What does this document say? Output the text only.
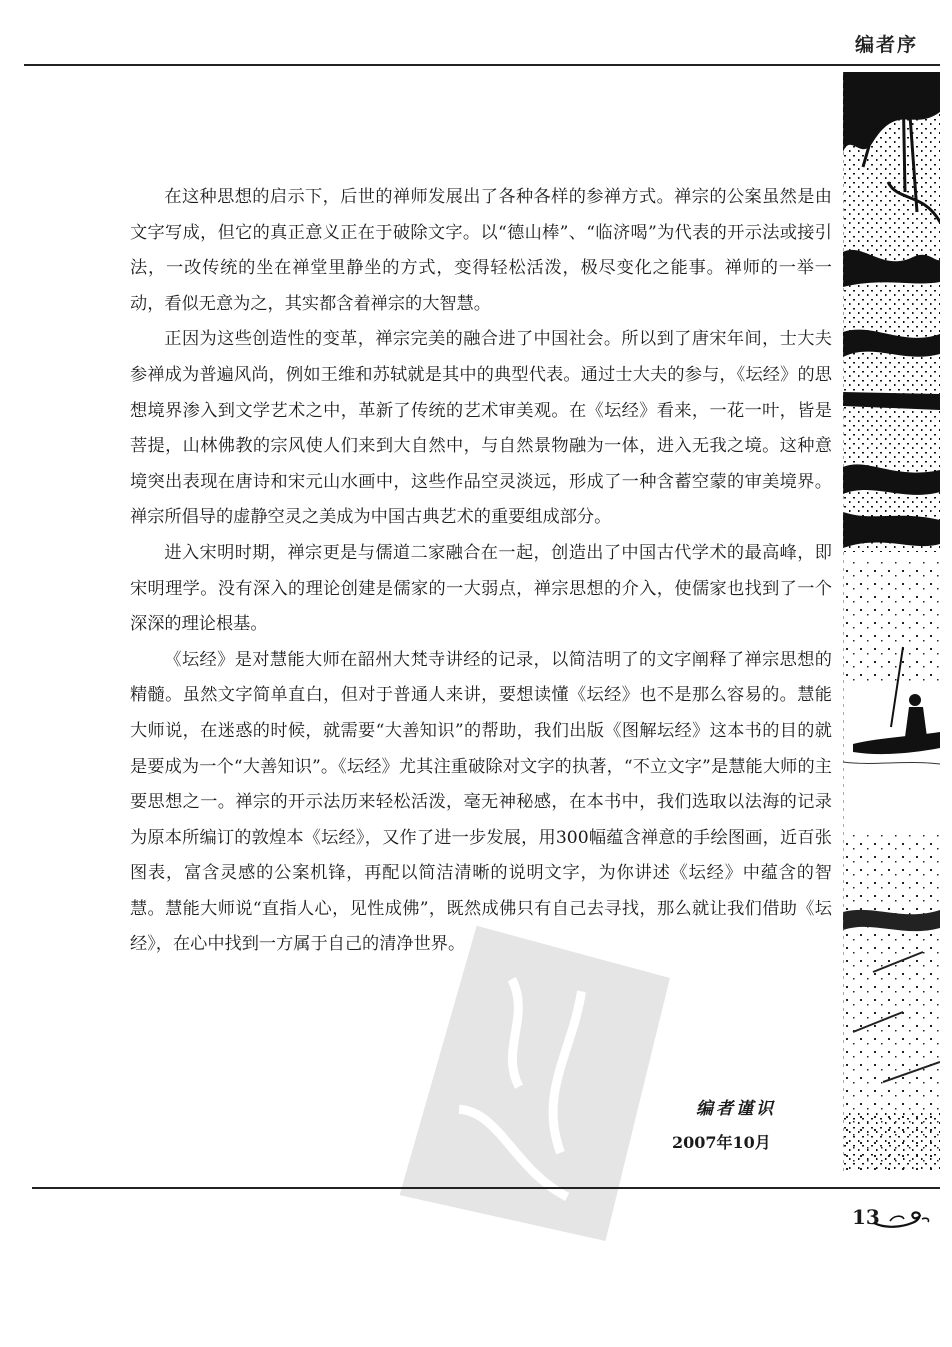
编者序

在这种思想的启示下，后世的禅师发展出了各种各样的参禅方式。禅宗的公案虽然是由文字写成，但它的真正意义正在于破除文字。以“德山棒”、“临济喝”为代表的开示法或接引法，一改传统的坐在禅堂里静坐的方式，变得轻松活泼，极尽变化之能事。禅师的一举一动，看似无意为之，其实都含着禅宗的大智慧。

正因为这些创造性的变革，禅宗完美的融合进了中国社会。所以到了唐宋年间，士大夫参禅成为普遍风尚，例如王维和苏轼就是其中的典型代表。通过士大夫的参与，《坛经》的思想境界渗入到文学艺术之中，革新了传统的艺术审美观。在《坛经》看来，一花一叶，皆是菩提，山林佛教的宗风使人们来到大自然中，与自然景物融为一体，进入无我之境。这种意境突出表现在唐诗和宋元山水画中，这些作品空灵淡远，形成了一种含蓄空蒙的审美境界。禅宗所倡导的虚静空灵之美成为中国古典艺术的重要组成部分。

进入宋明时期，禅宗更是与儒道二家融合在一起，创造出了中国古代学术的最高峰，即宋明理学。没有深入的理论创建是儒家的一大弱点，禅宗思想的介入，使儒家也找到了一个深深的理论根基。

《坛经》是对慧能大师在韶州大梵寺讲经的记录，以简洁明了的文字阐释了禅宗思想的精髓。虽然文字简单直白，但对于普通人来讲，要想读懂《坛经》也不是那么容易的。慧能大师说，在迷惑的时候，就需要“大善知识”的帮助，我们出版《图解坛经》这本书的目的就是要成为一个“大善知识”。《坛经》尤其注重破除对文字的执著，“不立文字”是慧能大师的主要思想之一。禅宗的开示法历来轻松活泼，毫无神秘感，在本书中，我们选取以法海的记录为原本所编订的敦煌本《坛经》，又作了进一步发展，用300幅蕴含禅意的手绘图画，近百张图表，富含灵感的公案机锋，再配以简洁清晰的说明文字，为你讲述《坛经》中蕴含的智慧。慧能大师说“直指人心，见性成佛”，既然成佛只有自己去寻找，那么就让我们借助《坛经》，在心中找到一方属于自己的清净世界。

编者谨识
2007年10月
13
